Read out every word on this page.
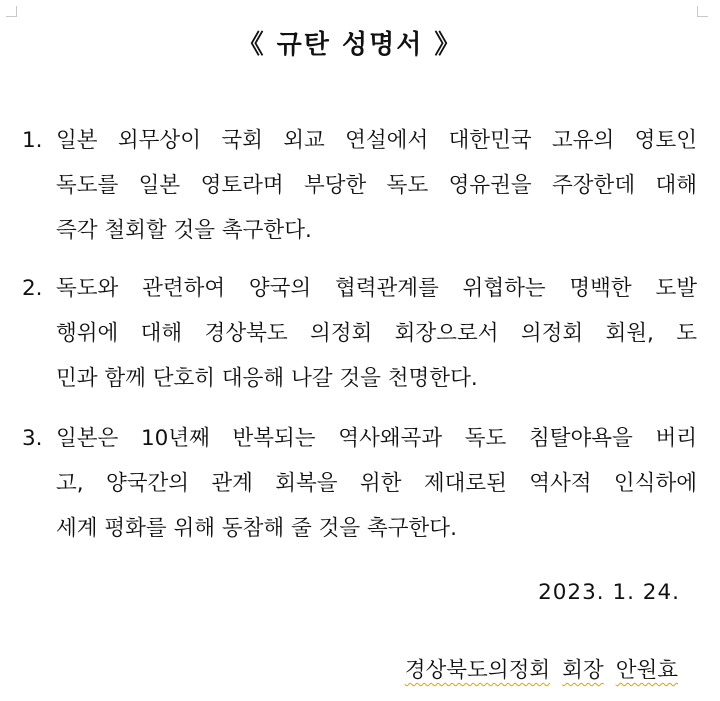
《 규탄 성명서 》
1. 일본 외무상이 국회 외교 연설에서 대한민국 고유의 영토인
독도를 일본 영토라며 부당한 독도 영유권을 주장한데 대해
즉각 철회할 것을 촉구한다.
2. 독도와 관련하여 양국의 협력관계를 위협하는 명백한 도발
행위에 대해 경상북도 의정회 회장으로서 의정회 회원, 도
민과 함께 단호히 대응해 나갈 것을 천명한다.
3. 일본은 10년째 반복되는 역사왜곡과 독도 침탈야욕을 버리
고, 양국간의 관계 회복을 위한 제대로된 역사적 인식하에
세계 평화를 위해 동참해 줄 것을 촉구한다.
2023. 1. 24.
경상북도의정회 회장 안원효
